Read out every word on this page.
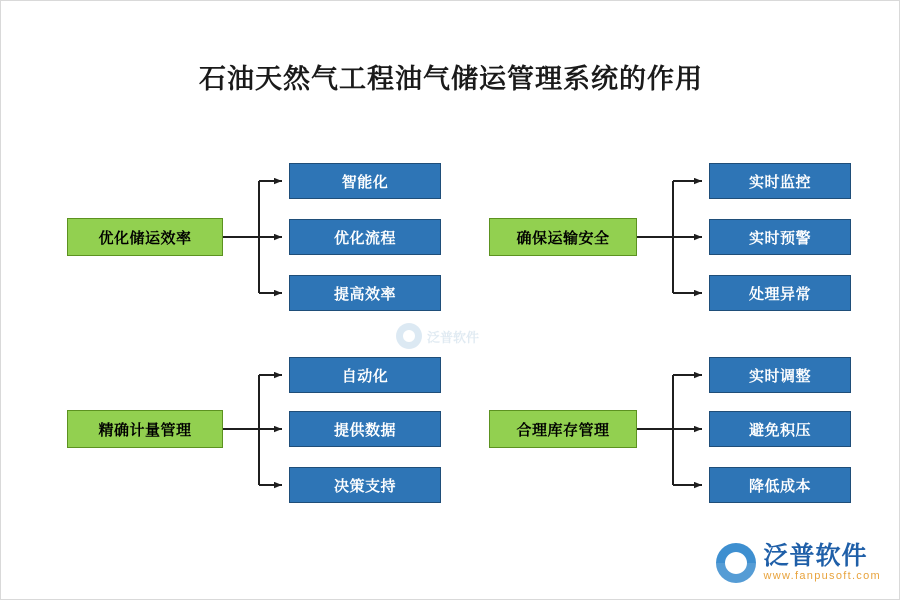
石油天然气工程油气储运管理系统的作用
优化储运效率
智能化
优化流程
提高效率
确保运输安全
实时监控
实时预警
处理异常
精确计量管理
自动化
提供数据
决策支持
合理库存管理
实时调整
避免积压
降低成本
泛普软件
泛普软件
www.fanpusoft.com
